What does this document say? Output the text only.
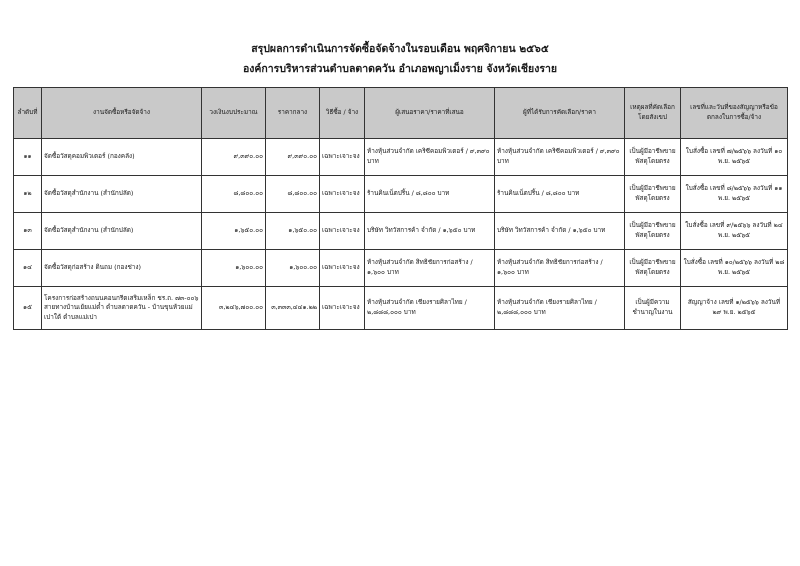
สรุปผลการดำเนินการจัดซื้อจัดจ้างในรอบเดือน พฤศจิกายน ๒๕๖๕
องค์การบริหารส่วนตำบลตาดควัน อำเภอพญาเม็งราย จังหวัดเชียงราย
ลำดับที่	งานจัดซื้อหรือจัดจ้าง	วงเงินงบประมาณ	ราคากลาง	วิธีซื้อ / จ้าง	ผู้เสนอราคา/ราคาที่เสนอ	ผู้ที่ได้รับการคัดเลือก/ราคา	เหตุผลที่คัดเลือกโดยสังเขป	เลขที่และวันที่ของสัญญาหรือข้อตกลงในการซื้อ/จ้าง
๑๑	จัดซื้อวัสดุคอมพิวเตอร์ (กองคลัง)	๙,๓๙๐.๐๐	๙,๓๙๐.๐๐	เฉพาะเจาะจง	ห้างหุ้นส่วนจำกัด เคริซีคอมพิวเตอร์ / ๙,๓๙๐ บาท	ห้างหุ้นส่วนจำกัด เคริซีคอมพิวเตอร์ / ๙,๓๙๐ บาท	เป็นผู้มีอาชีพขายพัสดุโดยตรง	ใบสั่งซื้อ เลขที่ ๗/๒๕๖๖ ลงวันที่ ๑๐ พ.ย. ๒๕๖๕
๑๒	จัดซื้อวัสดุสำนักงาน (สำนักปลัด)	๘,๘๐๐.๐๐	๘,๘๐๐.๐๐	เฉพาะเจาะจง	ร้านคินเน็ตปริ้น / ๘,๘๐๐ บาท	ร้านคินเน็ตปริ้น / ๘,๘๐๐ บาท	เป็นผู้มีอาชีพขายพัสดุโดยตรง	ใบสั่งซื้อ เลขที่ ๘/๒๕๖๖ ลงวันที่ ๑๑ พ.ย. ๒๕๖๕
๑๓	จัดซื้อวัสดุสำนักงาน (สำนักปลัด)	๑,๖๕๐.๐๐	๑,๖๕๐.๐๐	เฉพาะเจาะจง	บริษัท วิทวัสการค้า จำกัด / ๑,๖๕๐ บาท	บริษัท วิทวัสการค้า จำกัด / ๑,๖๕๐ บาท	เป็นผู้มีอาชีพขายพัสดุโดยตรง	ใบสั่งซื้อ เลขที่ ๙/๒๕๖๖ ลงวันที่ ๒๔ พ.ย. ๒๕๖๕
๑๔	จัดซื้อวัสดุก่อสร้าง ดินถม (กองช่าง)	๑,๖๐๐.๐๐	๑,๖๐๐.๐๐	เฉพาะเจาะจง	ห้างหุ้นส่วนจำกัด สิทธิชัยการก่อสร้าง / ๑,๖๐๐ บาท	ห้างหุ้นส่วนจำกัด สิทธิชัยการก่อสร้าง / ๑,๖๐๐ บาท	เป็นผู้มีอาชีพขายพัสดุโดยตรง	ใบสั่งซื้อ เลขที่ ๑๐/๒๕๖๖ ลงวันที่ ๒๘ พ.ย. ๒๕๖๕
๑๕	โครงการก่อสร้างถนนคอนกรีตเสริมเหล็ก ชร.ถ. ๗๓-๐๐๖ สายทางบ้านเย้ยแม่ต๋ำ ตำบลตาดควัน - บ้านขุนห้วยแม่เปาใต้ ตำบลแม่เปา	๓,๒๔๖,๗๐๐.๐๐	๓,๓๓๓,๔๔๑.๒๒	เฉพาะเจาะจง	ห้างหุ้นส่วนจำกัด เชียงรายศิลาไทย / ๒,๘๘๘,๐๐๐ บาท	ห้างหุ้นส่วนจำกัด เชียงรายศิลาไทย / ๒,๘๘๘,๐๐๐ บาท	เป็นผู้มีความชำนาญในงาน	สัญญาจ้าง เลขที่ ๑/๒๕๖๖ ลงวันที่ ๒๙ พ.ย. ๒๕๖๕
